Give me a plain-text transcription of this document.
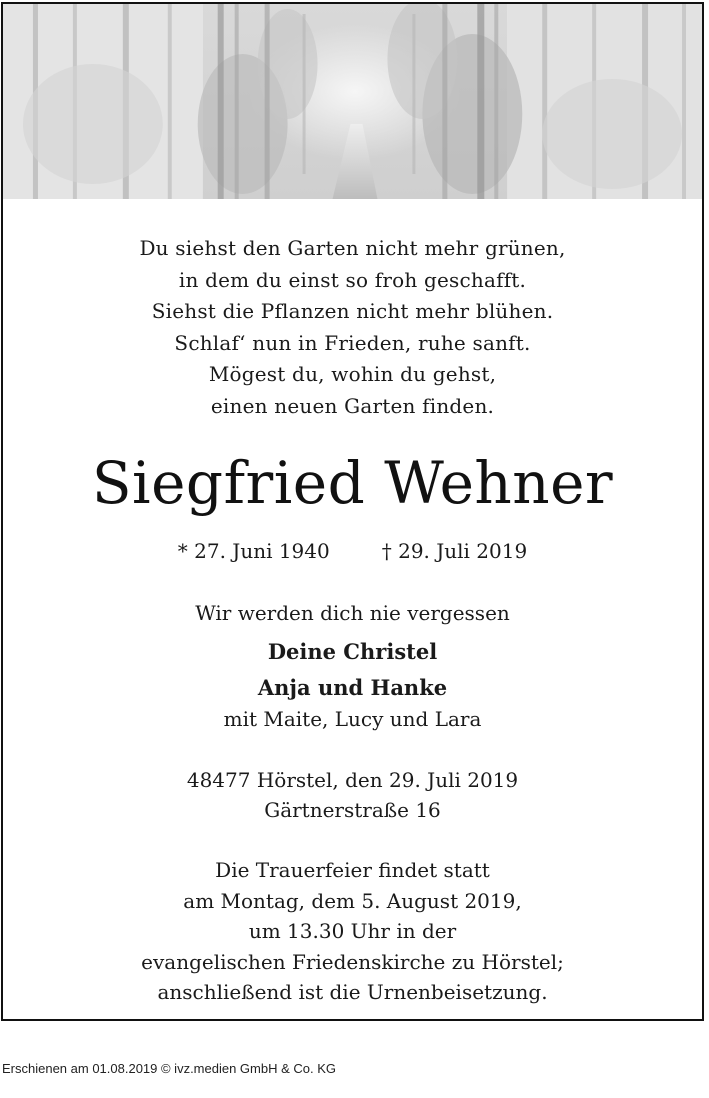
Du siehst den Garten nicht mehr grünen,
in dem du einst so froh geschafft.
Siehst die Pflanzen nicht mehr blühen.
Schlaf‘ nun in Frieden, ruhe sanft.
Mögest du, wohin du gehst,
einen neuen Garten finden.
Siegfried Wehner
* 27. Juni 1940	† 29. Juli 2019
Wir werden dich nie vergessen
Deine Christel
Anja und Hanke
mit Maite, Lucy und Lara
48477 Hörstel, den 29. Juli 2019
Gärtnerstraße 16
Die Trauerfeier findet statt
am Montag, dem 5. August 2019,
um 13.30 Uhr in der
evangelischen Friedenskirche zu Hörstel;
anschließend ist die Urnenbeisetzung.
Erschienen am 01.08.2019 © ivz.medien GmbH & Co. KG
